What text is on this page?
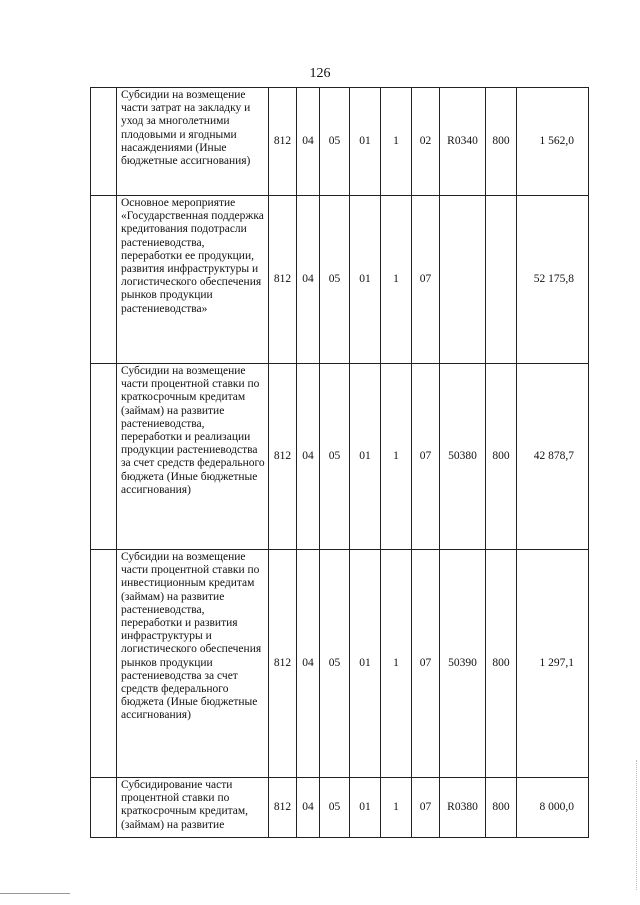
126
	Субсидии на возмещение части затрат на закладку и уход за многолетними плодовыми и ягодными насаждениями (Иные бюджетные ассигнования)	812	04	05	01	1	02	R0340	800	1 562,0
	Основное мероприятие «Государственная поддержка кредитования подотрасли растениеводства, переработки ее продукции, развития инфраструктуры и логистического обеспечения рынков продукции растениеводства»	812	04	05	01	1	07			52 175,8
	Субсидии на возмещение части процентной ставки по краткосрочным кредитам (займам) на развитие растениеводства, переработки и реализации продукции растениеводства за счет средств федерального бюджета (Иные бюджетные ассигнования)	812	04	05	01	1	07	50380	800	42 878,7
	Субсидии на возмещение части процентной ставки по инвестиционным кредитам (займам) на развитие растениеводства, переработки и развития инфраструктуры и логистического обеспечения рынков продукции растениеводства за счет средств федерального бюджета (Иные бюджетные ассигнования)	812	04	05	01	1	07	50390	800	1 297,1
	Субсидирование части процентной ставки по краткосрочным кредитам, (займам) на развитие	812	04	05	01	1	07	R0380	800	8 000,0
